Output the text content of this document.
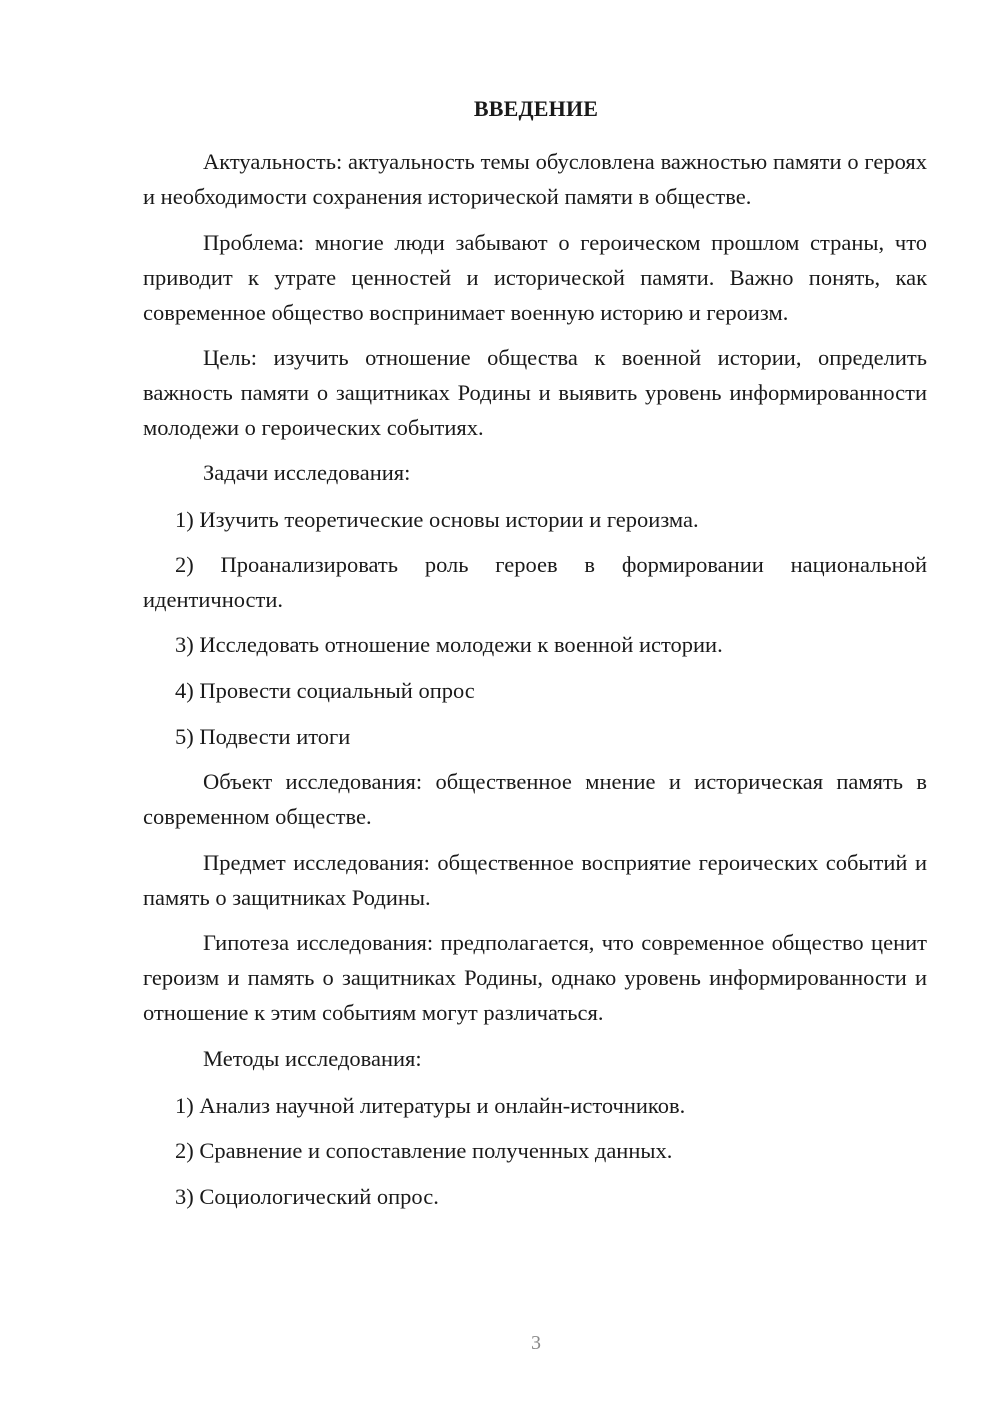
ВВЕДЕНИЕ

Актуальность: актуальность темы обусловлена важностью памяти о героях и необходимости сохранения исторической памяти в обществе.

Проблема: многие люди забывают о героическом прошлом страны, что приводит к утрате ценностей и исторической памяти. Важно понять, как современное общество воспринимает военную историю и героизм.

Цель: изучить отношение общества к военной истории, определить важность памяти о защитниках Родины и выявить уровень информированности молодежи о героических событиях.

Задачи исследования:

1) Изучить теоретические основы истории и героизма.

2) Проанализировать роль героев в формировании национальной идентичности.

3) Исследовать отношение молодежи к военной истории.

4) Провести социальный опрос

5) Подвести итоги

Объект исследования: общественное мнение и историческая память в современном обществе.

Предмет исследования: общественное восприятие героических событий и память о защитниках Родины.

Гипотеза исследования: предполагается, что современное общество ценит героизм и память о защитниках Родины, однако уровень информированности и отношение к этим событиям могут различаться.

Методы исследования:

1) Анализ научной литературы и онлайн-источников.

2) Сравнение и сопоставление полученных данных.

3) Социологический опрос.

3
